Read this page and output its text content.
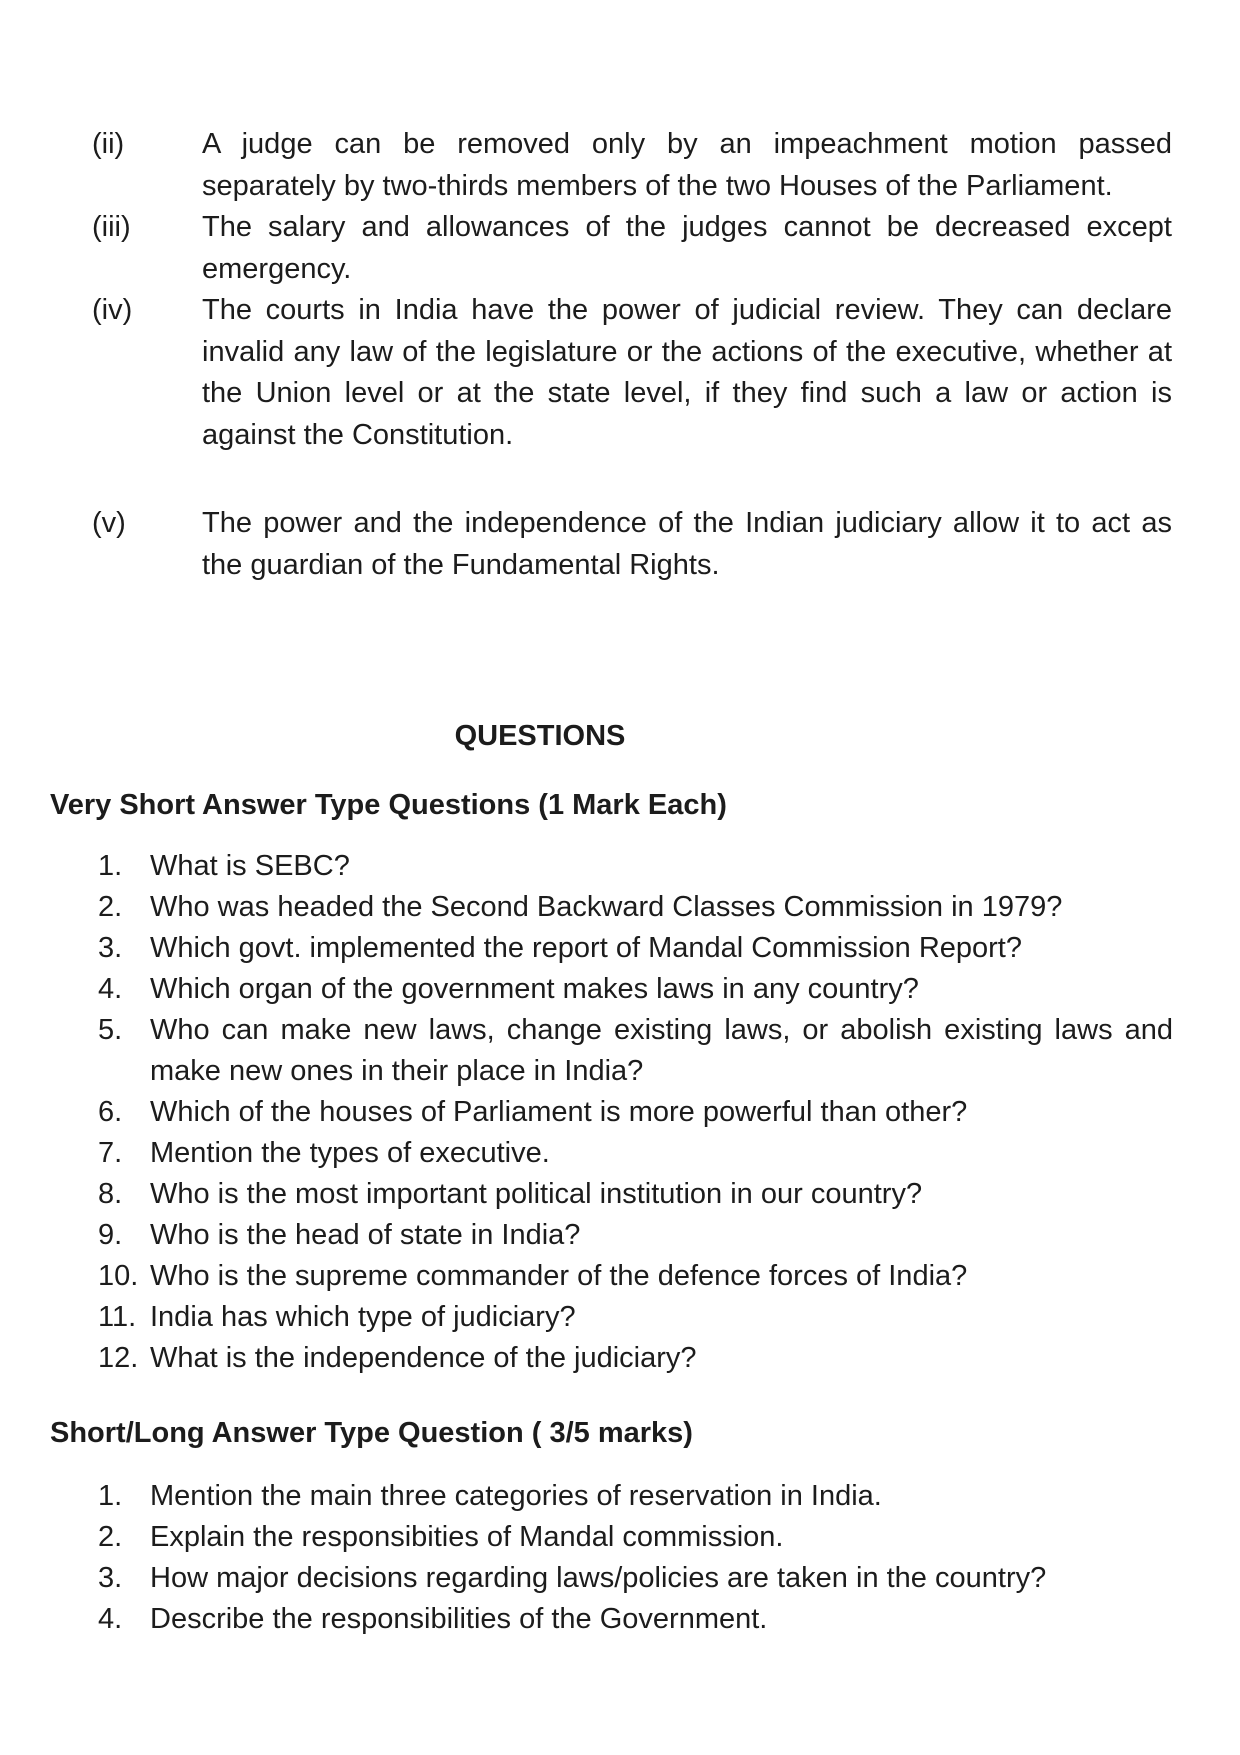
(ii)	A judge can be removed only by an impeachment motion passed separately by two-thirds members of the two Houses of the Parliament.
(iii)	The salary and allowances of the judges cannot be decreased except emergency.
(iv)	The courts in India have the power of judicial review. They can declare invalid any law of the legislature or the actions of the executive, whether at the Union level or at the state level, if they find such a law or action is against the Constitution.
(v)	The power and the independence of the Indian judiciary allow it to act as the guardian of the Fundamental Rights.
QUESTIONS
Very Short Answer Type Questions (1 Mark Each)
1. What is SEBC?
2. Who was headed the Second Backward Classes Commission in 1979?
3. Which govt. implemented the report of Mandal Commission Report?
4. Which organ of the government makes laws in any country?
5. Who can make new laws, change existing laws, or abolish existing laws and make new ones in their place in India?
6. Which of the houses of Parliament is more powerful than other?
7. Mention the types of executive.
8. Who is the most important political institution in our country?
9. Who is the head of state in India?
10. Who is the supreme commander of the defence forces of India?
11. India has which type of judiciary?
12. What is the independence of the judiciary?
Short/Long Answer Type Question ( 3/5 marks)
1. Mention the main three categories of reservation in India.
2. Explain the responsibities of Mandal commission.
3. How major decisions regarding laws/policies are taken in the country?
4. Describe the responsibilities of the Government.
